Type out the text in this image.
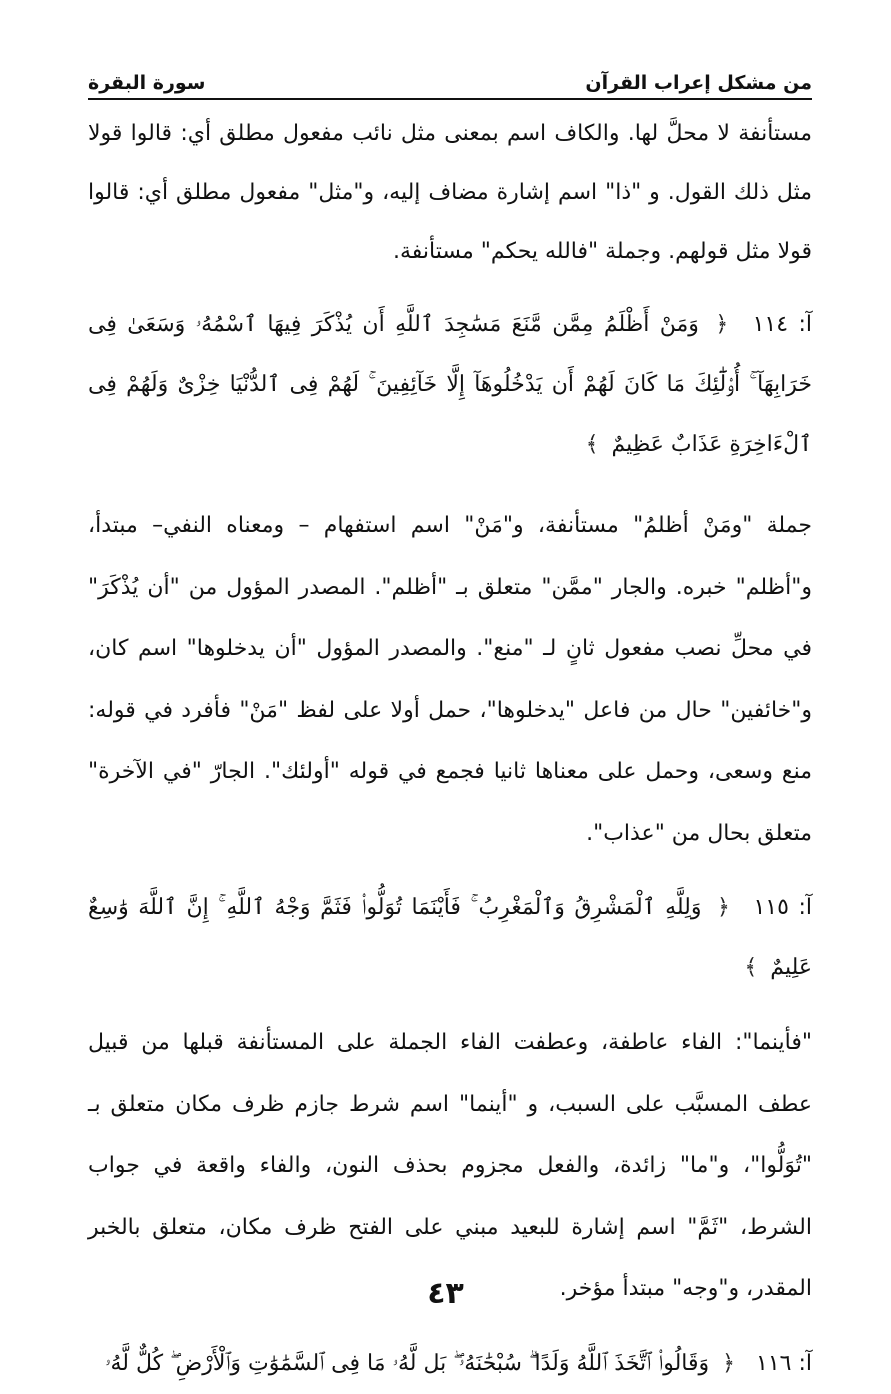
من مشكل إعراب القرآن
سورة البقرة

مستأنفة لا محلَّ لها. والكاف اسم بمعنى مثل نائب مفعول مطلق أي: قالوا قولا مثل ذلك القول. و "ذا" اسم إشارة مضاف إليه، و"مثل" مفعول مطلق أي: قالوا قولا مثل قولهم. وجملة "فالله يحكم" مستأنفة.

آ: ١١٤ ﴿ وَمَنْ أَظْلَمُ مِمَّن مَّنَعَ مَسَٰجِدَ ٱللَّهِ أَن يُذْكَرَ فِيهَا ٱسْمُهُۥ وَسَعَىٰ فِى خَرَابِهَآ ۚ أُو۟لَٰٓئِكَ مَا كَانَ لَهُمْ أَن يَدْخُلُوهَآ إِلَّا خَآئِفِينَ ۚ لَهُمْ فِى ٱلدُّنْيَا خِزْىٌ وَلَهُمْ فِى ٱلْءَاخِرَةِ عَذَابٌ عَظِيمٌ ﴾

جملة "ومَنْ أظلمُ" مستأنفة، و"مَنْ" اسم استفهام – ومعناه النفي– مبتدأ، و"أظلم" خبره. والجار "ممَّن" متعلق بـ "أظلم". المصدر المؤول من "أن يُذْكَرَ" في محلِّ نصب مفعول ثانٍ لـ "منع". والمصدر المؤول "أن يدخلوها" اسم كان، و"خائفين" حال من فاعل "يدخلوها"، حمل أولا على لفظ "مَنْ" فأفرد في قوله: منع وسعى، وحمل على معناها ثانيا فجمع في قوله "أولئك". الجارّ "في الآخرة" متعلق بحال من "عذاب".

آ: ١١٥ ﴿ وَلِلَّهِ ٱلْمَشْرِقُ وَٱلْمَغْرِبُ ۚ فَأَيْنَمَا تُوَلُّوا۟ فَثَمَّ وَجْهُ ٱللَّهِ ۚ إِنَّ ٱللَّهَ وَٰسِعٌ عَلِيمٌ ﴾

"فأينما": الفاء عاطفة، وعطفت الفاء الجملة على المستأنفة قبلها من قبيل عطف المسبَّب على السبب، و "أينما" اسم شرط جازم ظرف مكان متعلق بـ "تُوَلُّوا"، و"ما" زائدة، والفعل مجزوم بحذف النون، والفاء واقعة في جواب الشرط، "ثَمَّ" اسم إشارة للبعيد مبني على الفتح ظرف مكان، متعلق بالخبر المقدر، و"وجه" مبتدأ مؤخر.

آ: ١١٦ ﴿ وَقَالُوا۟ ٱتَّخَذَ ٱللَّهُ وَلَدًا ۗ سُبْحَٰنَهُۥ ۖ بَل لَّهُۥ مَا فِى ٱلسَّمَٰوَٰتِ وَٱلْأَرْضِ ۖ كُلٌّ لَّهُۥ

٤٣
